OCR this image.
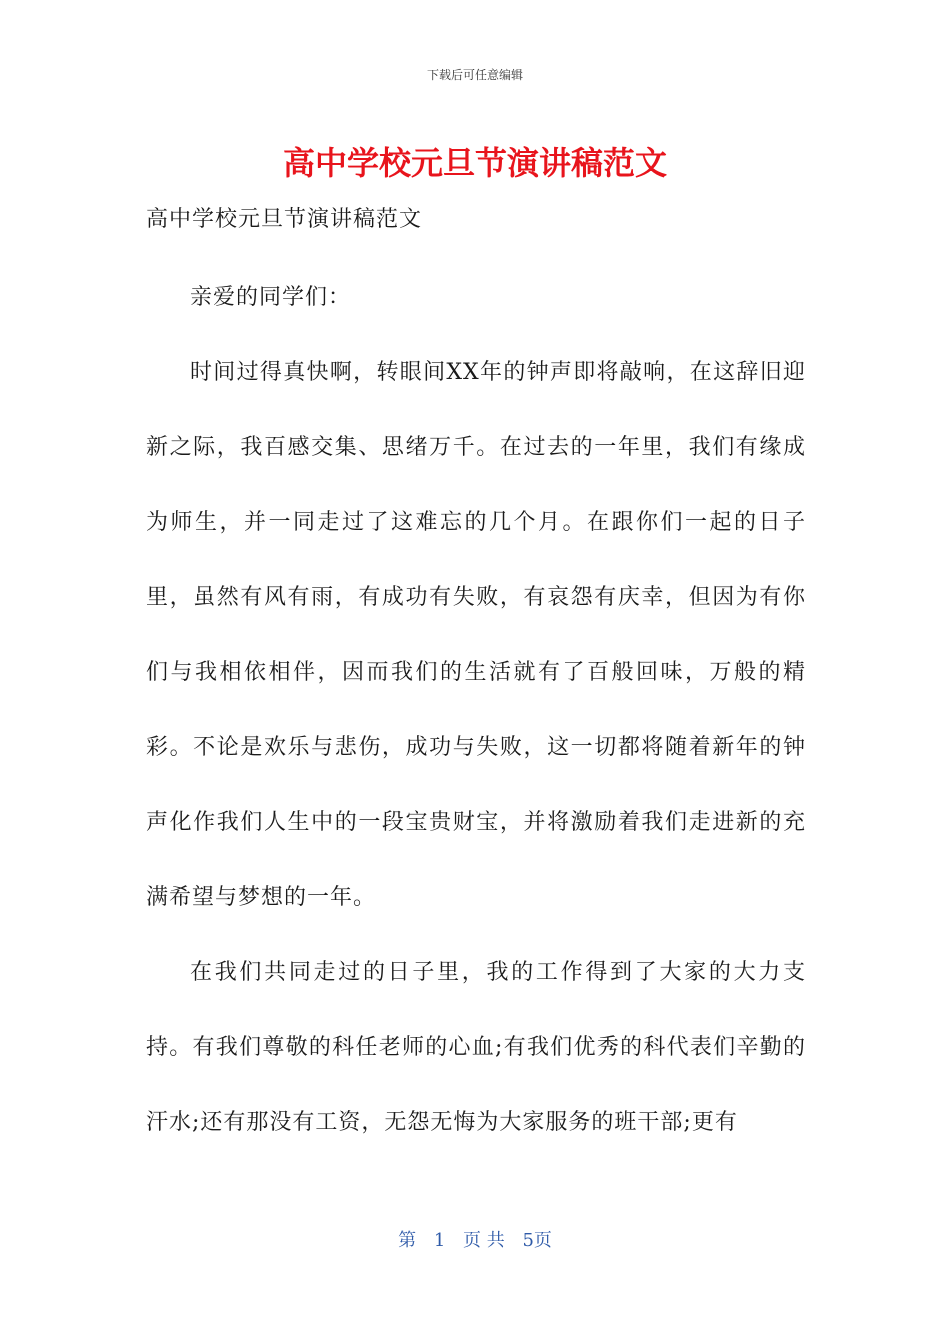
下载后可任意编辑
高中学校元旦节演讲稿范文

高中学校元旦节演讲稿范文

亲爱的同学们：

时间过得真快啊，转眼间XX年的钟声即将敲响，在这辞旧迎新之际，我百感交集、思绪万千。在过去的一年里，我们有缘成为师生，并一同走过了这难忘的几个月。在跟你们一起的日子里，虽然有风有雨，有成功有失败，有哀怨有庆幸，但因为有你们与我相依相伴，因而我们的生活就有了百般回味，万般的精彩。不论是欢乐与悲伤，成功与失败，这一切都将随着新年的钟声化作我们人生中的一段宝贵财宝，并将激励着我们走进新的充满希望与梦想的一年。

在我们共同走过的日子里，我的工作得到了大家的大力支持。有我们尊敬的科任老师的心血;有我们优秀的科代表们辛勤的汗水;还有那没有工资，无怨无悔为大家服务的班干部;更有

第 1 页 共 5页
